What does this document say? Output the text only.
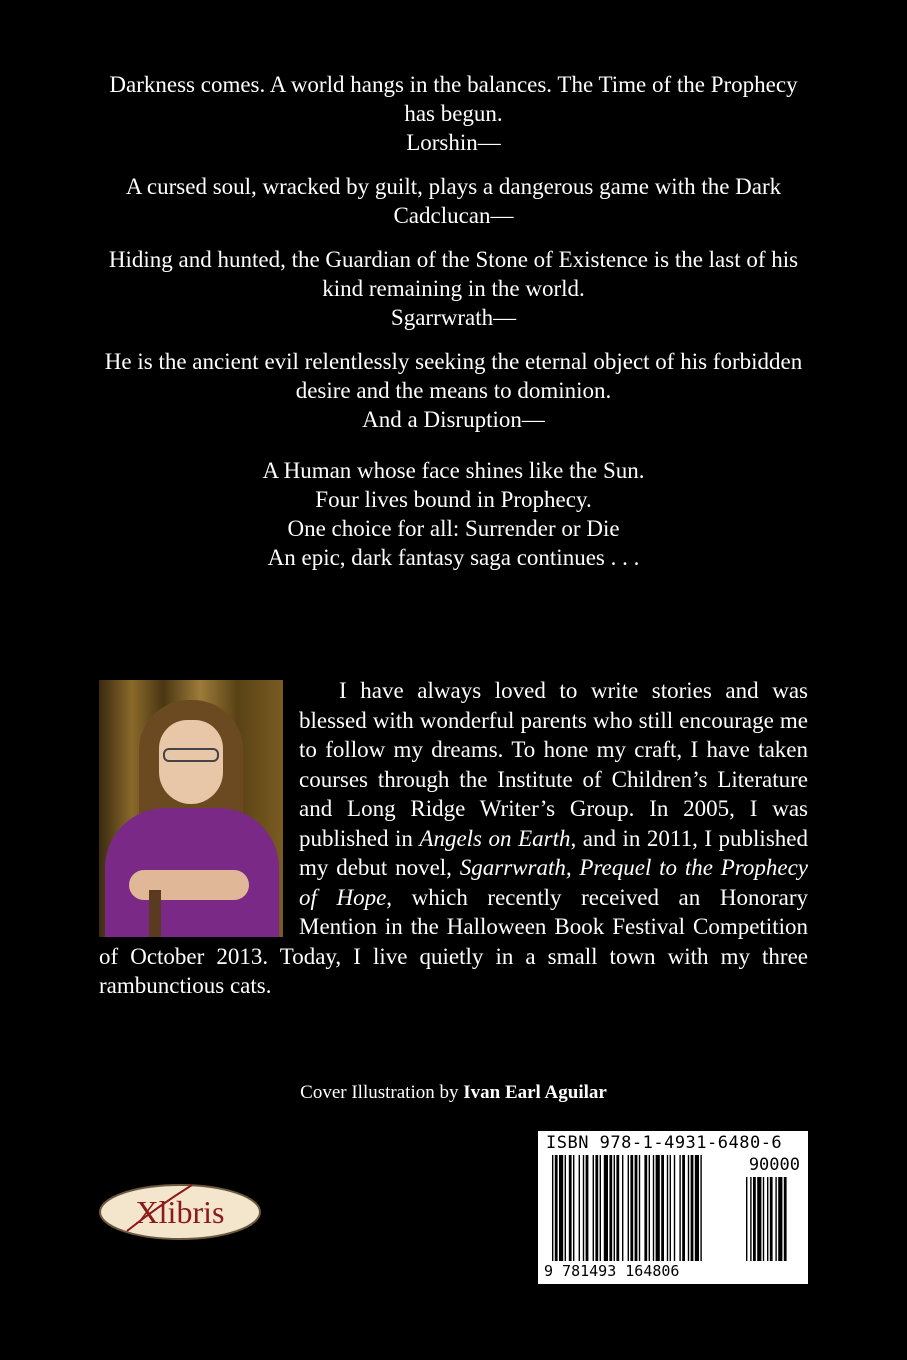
Darkness comes. A world hangs in the balances. The Time of the Prophecy
has begun.
Lorshin—

A cursed soul, wracked by guilt, plays a dangerous game with the Dark
Cadclucan—

Hiding and hunted, the Guardian of the Stone of Existence is the last of his
kind remaining in the world.
Sgarrwrath—

He is the ancient evil relentlessly seeking the eternal object of his forbidden
desire and the means to dominion.
And a Disruption—

A Human whose face shines like the Sun.
Four lives bound in Prophecy.
One choice for all: Surrender or Die
An epic, dark fantasy saga continues . . .

I have always loved to write stories and was blessed with wonderful parents who still encourage me to follow my dreams. To hone my craft, I have taken courses through the Institute of Children’s Literature and Long Ridge Writer’s Group. In 2005, I was published in Angels on Earth, and in 2011, I published my debut novel, Sgarrwrath, Prequel to the Prophecy of Hope, which recently received an Honorary Mention in the Halloween Book Festival Competition of October 2013. Today, I live quietly in a small town with my three rambunctious cats.
Cover Illustration by Ivan Earl Aguilar
Xlibris
ISBN 978-1-4931-6480-6
90000
9 781493 164806
